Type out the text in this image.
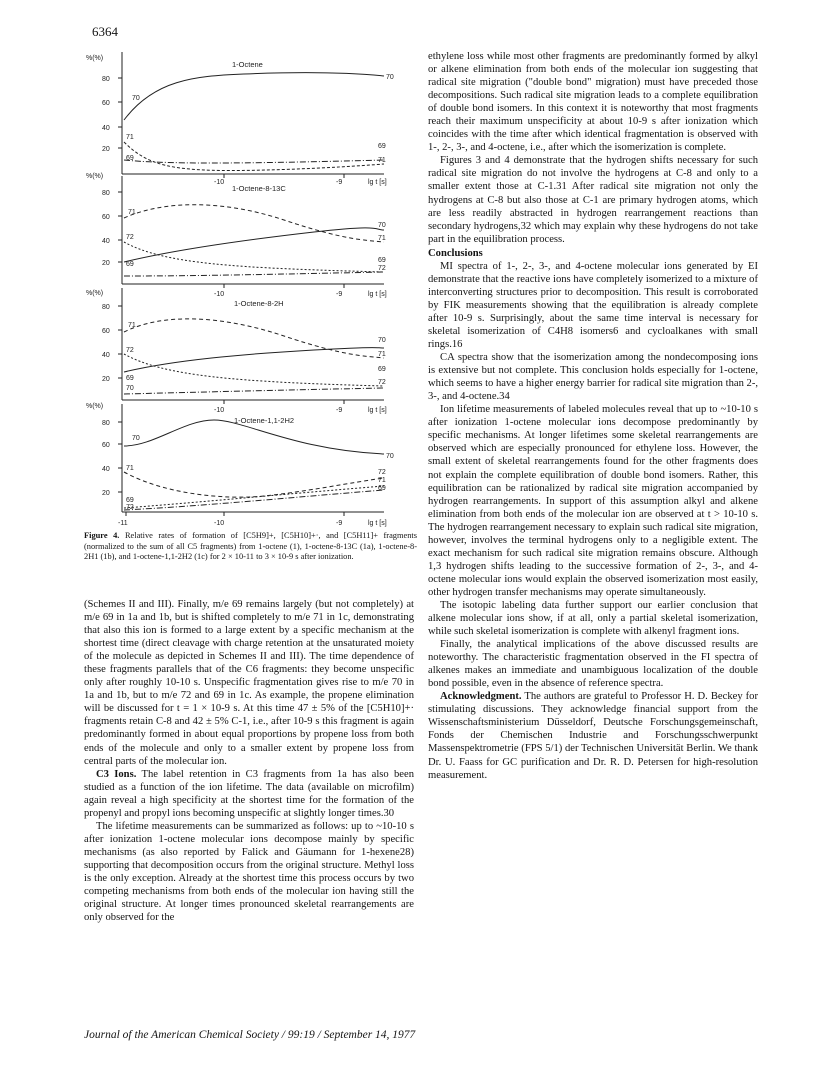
6364
1-Octene
1-Octene-8-13C
1-Octene-8-2H
1-Octene-1,1-2H2
%(%)
%(%)
%(%)
%(%)
80
60
40
20
80
60
40
20
80
60
40
20
80
60
40
20
-10	-9	lg t [s]
-10	-9	lg t [s]
-10	-9	lg t [s]
-11	-10	-9	lg t [s]
70
70
71
69
69	71
71
70
72	71
69
69
72
71
70
72
71
69
69
70
72
70
70
71
72
71
69
69
72
Figure 4. Relative rates of formation of [C5H9]+, [C5H10]+·, and [C5H11]+ fragments (normalized to the sum of all C5 fragments) from 1-octene (1), 1-octene-8-13C (1a), 1-octene-8-2H1 (1b), and 1-octene-1,1-2H2 (1c) for 2 × 10-11 to 3 × 10-9 s after ionization.

(Schemes II and III). Finally, m/e 69 remains largely (but not completely) at m/e 69 in 1a and 1b, but is shifted completely to m/e 71 in 1c, demonstrating that also this ion is formed to a large extent by a specific mechanism at the shortest time (direct cleavage with charge retention at the unsaturated moiety of the molecule as depicted in Schemes II and III). The time dependence of these fragments parallels that of the C6 fragments: they become unspecific only after roughly 10-10 s. Unspecific fragmentation gives rise to m/e 70 in 1a and 1b, but to m/e 72 and 69 in 1c. As example, the propene elimination will be discussed for t = 1 × 10-9 s. At this time 47 ± 5% of the [C5H10]+· fragments retain C-8 and 42 ± 5% C-1, i.e., after 10-9 s this fragment is again predominantly formed in about equal proportions by propene loss from both ends of the molecule and only to a smaller extent by propene loss from central parts of the molecular ion.

C3 Ions. The label retention in C3 fragments from 1a has also been studied as a function of the ion lifetime. The data (available on microfilm) again reveal a high specificity at the shortest time for the formation of the propenyl and propyl ions becoming unspecific at slightly longer times.30

The lifetime measurements can be summarized as follows: up to ~10-10 s after ionization 1-octene molecular ions decompose mainly by specific mechanisms (as also reported by Falick and Gäumann for 1-hexene28) supporting that decomposition occurs from the original structure. Methyl loss is the only exception. Already at the shortest time this process occurs by two competing mechanisms from both ends of the molecular ion having still the original structure. At longer times pronounced skeletal rearrangements are only observed for the

ethylene loss while most other fragments are predominantly formed by alkyl or alkene elimination from both ends of the molecular ion suggesting that radical site migration ("double bond" migration) must have preceded those decompositions. Such radical site migration leads to a complete equilibration of double bond isomers. In this context it is noteworthy that most fragments reach their maximum unspecificity at about 10-9 s after ionization which coincides with the time after which identical fragmentation is observed with 1-, 2-, 3-, and 4-octene, i.e., after which the isomerization is complete.

Figures 3 and 4 demonstrate that the hydrogen shifts necessary for such radical site migration do not involve the hydrogens at C-8 and only to a smaller extent those at C-1.31 After radical site migration not only the hydrogens at C-8 but also those at C-1 are primary hydrogen atoms, which are less readily abstracted in hydrogen rearrangement reactions than secondary hydrogens,32 which may explain why these hydrogens do not take part in the equilibration process.

Conclusions

MI spectra of 1-, 2-, 3-, and 4-octene molecular ions generated by EI demonstrate that the reactive ions have completely isomerized to a mixture of interconverting structures prior to decomposition. This result is corroborated by FIK measurements showing that the equilibration is already complete after 10-9 s. Surprisingly, about the same time interval is necessary for skeletal isomerization of C4H8 isomers6 and cycloalkanes with small rings.16

CA spectra show that the isomerization among the nondecomposing ions is extensive but not complete. This conclusion holds especially for 1-octene, which seems to have a higher energy barrier for radical site migration than 2-, 3-, and 4-octene.34

Ion lifetime measurements of labeled molecules reveal that up to ~10-10 s after ionization 1-octene molecular ions decompose predominantly by specific mechanisms. At longer lifetimes some skeletal rearrangements are observed which are especially pronounced for ethylene loss. However, the small extent of skeletal rearrangements found for the other fragments does not explain the complete equilibration of double bond isomers. Rather, this equilibration can be rationalized by radical site migration accompanied by hydrogen rearrangements. In support of this assumption alkyl and alkene elimination from both ends of the molecular ion are observed at t > 10-10 s. The hydrogen rearrangement necessary to explain such radical site migration, however, involves the terminal hydrogens only to a negligible extent. The exact mechanism for such radical site migration remains obscure. Although 1,3 hydrogen shifts leading to the successive formation of 2-, 3-, and 4-octene molecular ions would explain the observed isomerization most easily, other hydrogen transfer mechanisms may operate simultaneously.

The isotopic labeling data further support our earlier conclusion that alkene molecular ions show, if at all, only a partial skeletal isomerization, while such skeletal isomerization is complete with alkenyl fragment ions.

Finally, the analytical implications of the above discussed results are noteworthy. The characteristic fragmentation observed in the FI spectra of alkenes makes an immediate and unambiguous localization of the double bond possible, even in the absence of reference spectra.

Acknowledgment. The authors are grateful to Professor H. D. Beckey for stimulating discussions. They acknowledge financial support from the Wissenschaftsministerium Düsseldorf, Deutsche Forschungsgemeinschaft, Fonds der Chemischen Industrie and Forschungsschwerpunkt Massenspektrometrie (FPS 5/1) der Technischen Universität Berlin. We thank Dr. U. Faass for GC purification and Dr. R. D. Petersen for high-resolution measurement.

Journal of the American Chemical Society / 99:19 / September 14, 1977
